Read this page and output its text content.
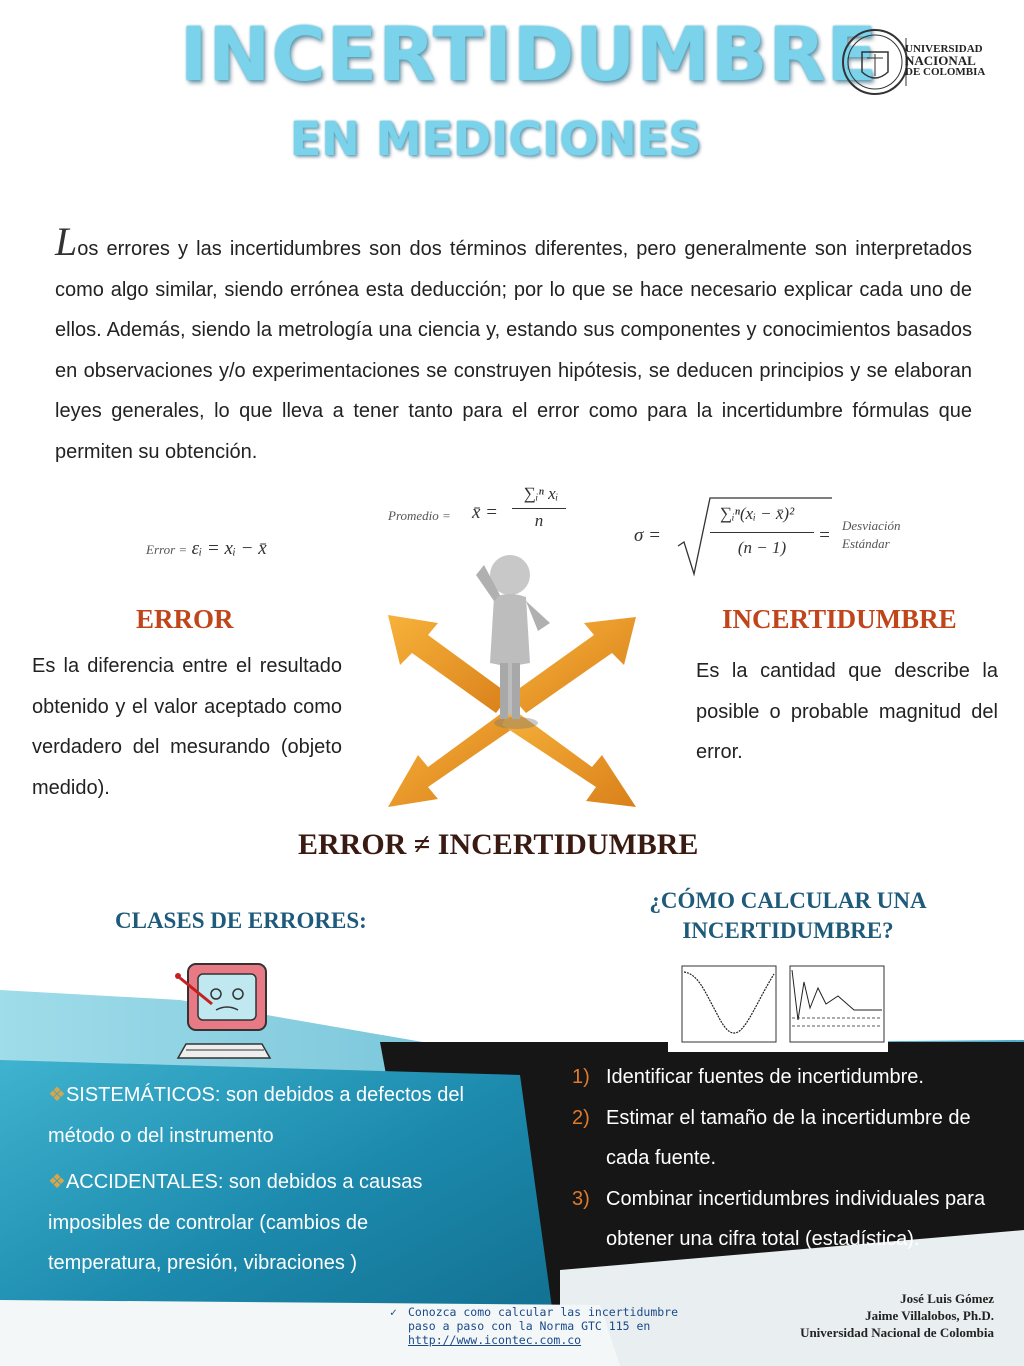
INCERTIDUMBRE
EN MEDICIONES
UNIVERSIDAD
NACIONAL
DE COLOMBIA
Los errores y las incertidumbres son dos términos diferentes, pero generalmente son interpretados como algo similar, siendo errónea esta deducción; por lo que se hace necesario explicar cada uno de ellos. Además, siendo la metrología una ciencia y, estando sus componentes y conocimientos basados en observaciones y/o experimentaciones se construyen hipótesis, se deducen principios y se elaboran leyes generales, lo que lleva a tener tanto para el error como para la incertidumbre fórmulas que permiten su obtención.
Error = εᵢ = xᵢ − x̄
Promedio = x̄ =
∑ᵢⁿ xᵢ
n
σ =
∑ᵢⁿ(xᵢ − x̄)²
(n − 1)
= Desviación
Estándar
ERROR
Es la diferencia entre el resultado obtenido y el valor aceptado como verdadero del mesurando (objeto medido).
INCERTIDUMBRE
Es la cantidad que describe la posible o probable magnitud del error.
ERROR ≠ INCERTIDUMBRE
CLASES DE ERRORES:
¿CÓMO CALCULAR UNA
INCERTIDUMBRE?
❖SISTEMÁTICOS: son debidos a defectos del método o del instrumento
❖ACCIDENTALES: son debidos a causas imposibles de controlar (cambios de temperatura, presión, vibraciones )
1) Identificar fuentes de incertidumbre.
2) Estimar el tamaño de la incertidumbre de cada fuente.
3) Combinar incertidumbres individuales para obtener una cifra total (estadística).
✓ Conozca como calcular las incertidumbre paso a paso con la Norma GTC 115 en
http://www.icontec.com.co
José Luis Gómez
Jaime Villalobos, Ph.D.
Universidad Nacional de Colombia
